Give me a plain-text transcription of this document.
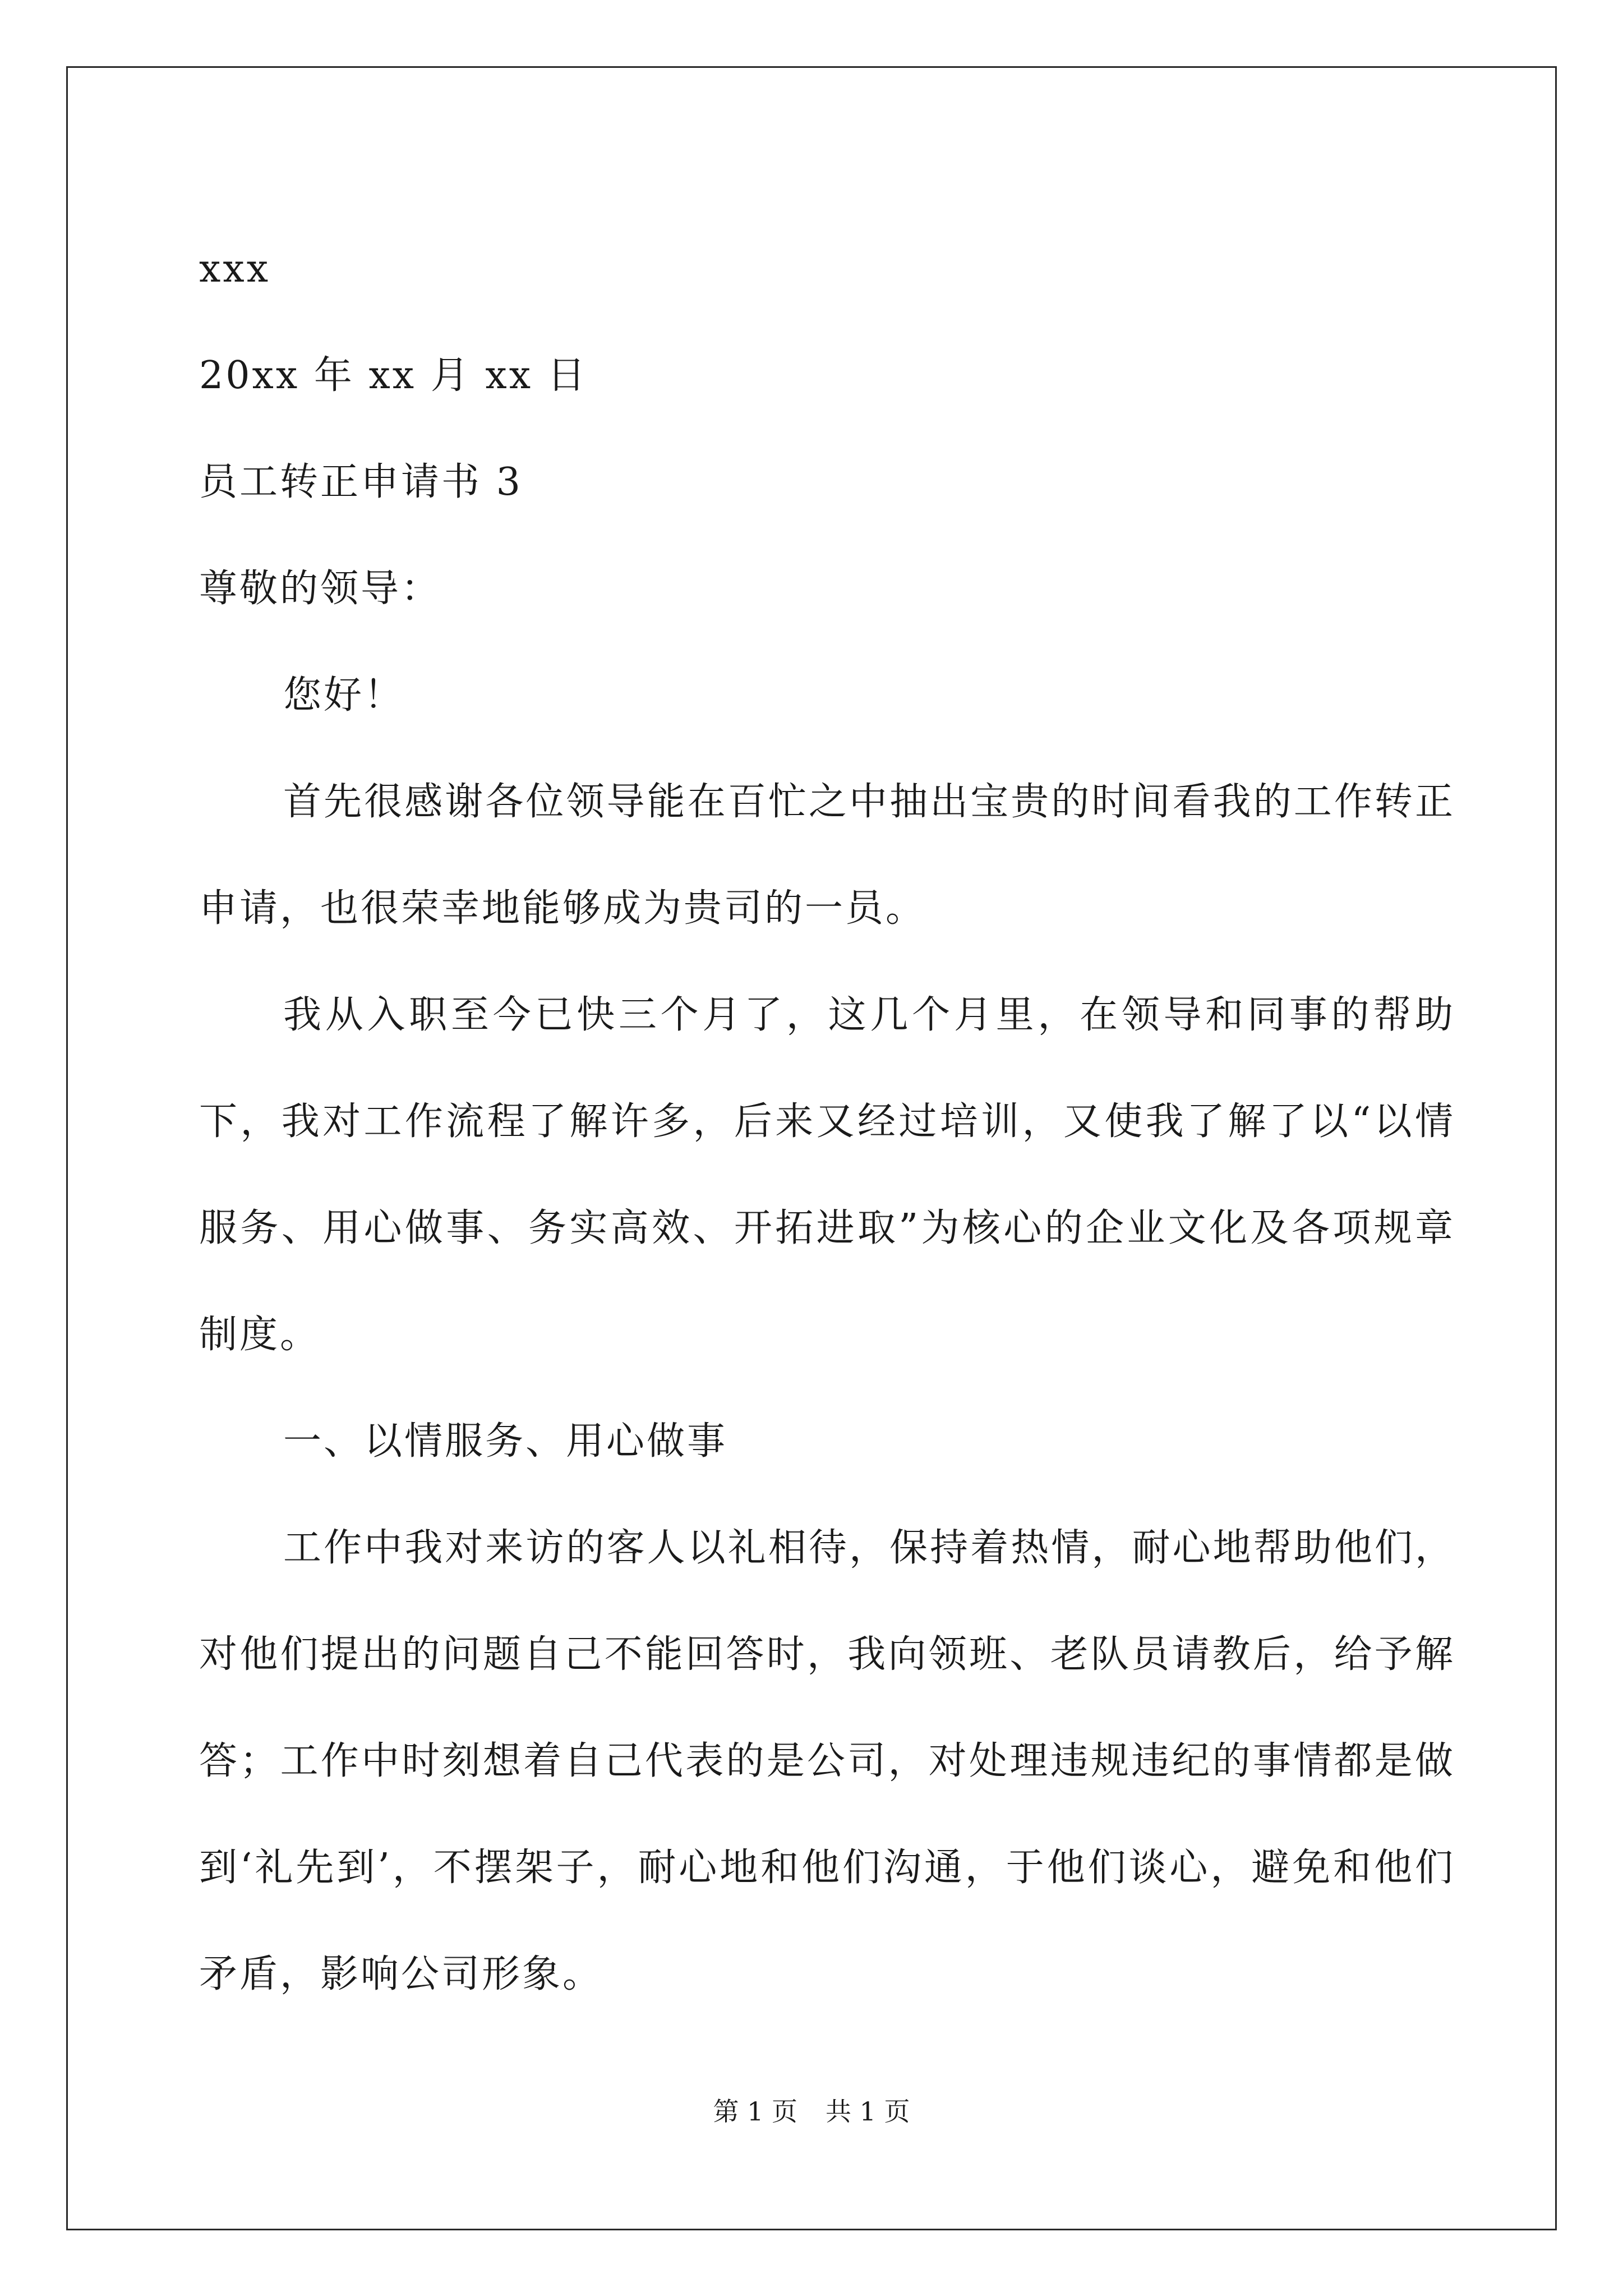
xxx
20xx 年 xx 月 xx 日
员工转正申请书 3
尊敬的领导：
您好！

首先很感谢各位领导能在百忙之中抽出宝贵的时间看我的工作转正申请，也很荣幸地能够成为贵司的一员。

我从入职至今已快三个月了，这几个月里，在领导和同事的帮助下，我对工作流程了解许多，后来又经过培训，又使我了解了以“以情服务、用心做事、务实高效、开拓进取”为核心的企业文化及各项规章制度。

一、以情服务、用心做事

工作中我对来访的客人以礼相待，保持着热情，耐心地帮助他们，对他们提出的问题自己不能回答时，我向领班、老队员请教后，给予解答；工作中时刻想着自己代表的是公司，对处理违规违纪的事情都是做到‘礼先到’，不摆架子，耐心地和他们沟通，于他们谈心，避免和他们矛盾，影响公司形象。

第 1 页 共 1 页
